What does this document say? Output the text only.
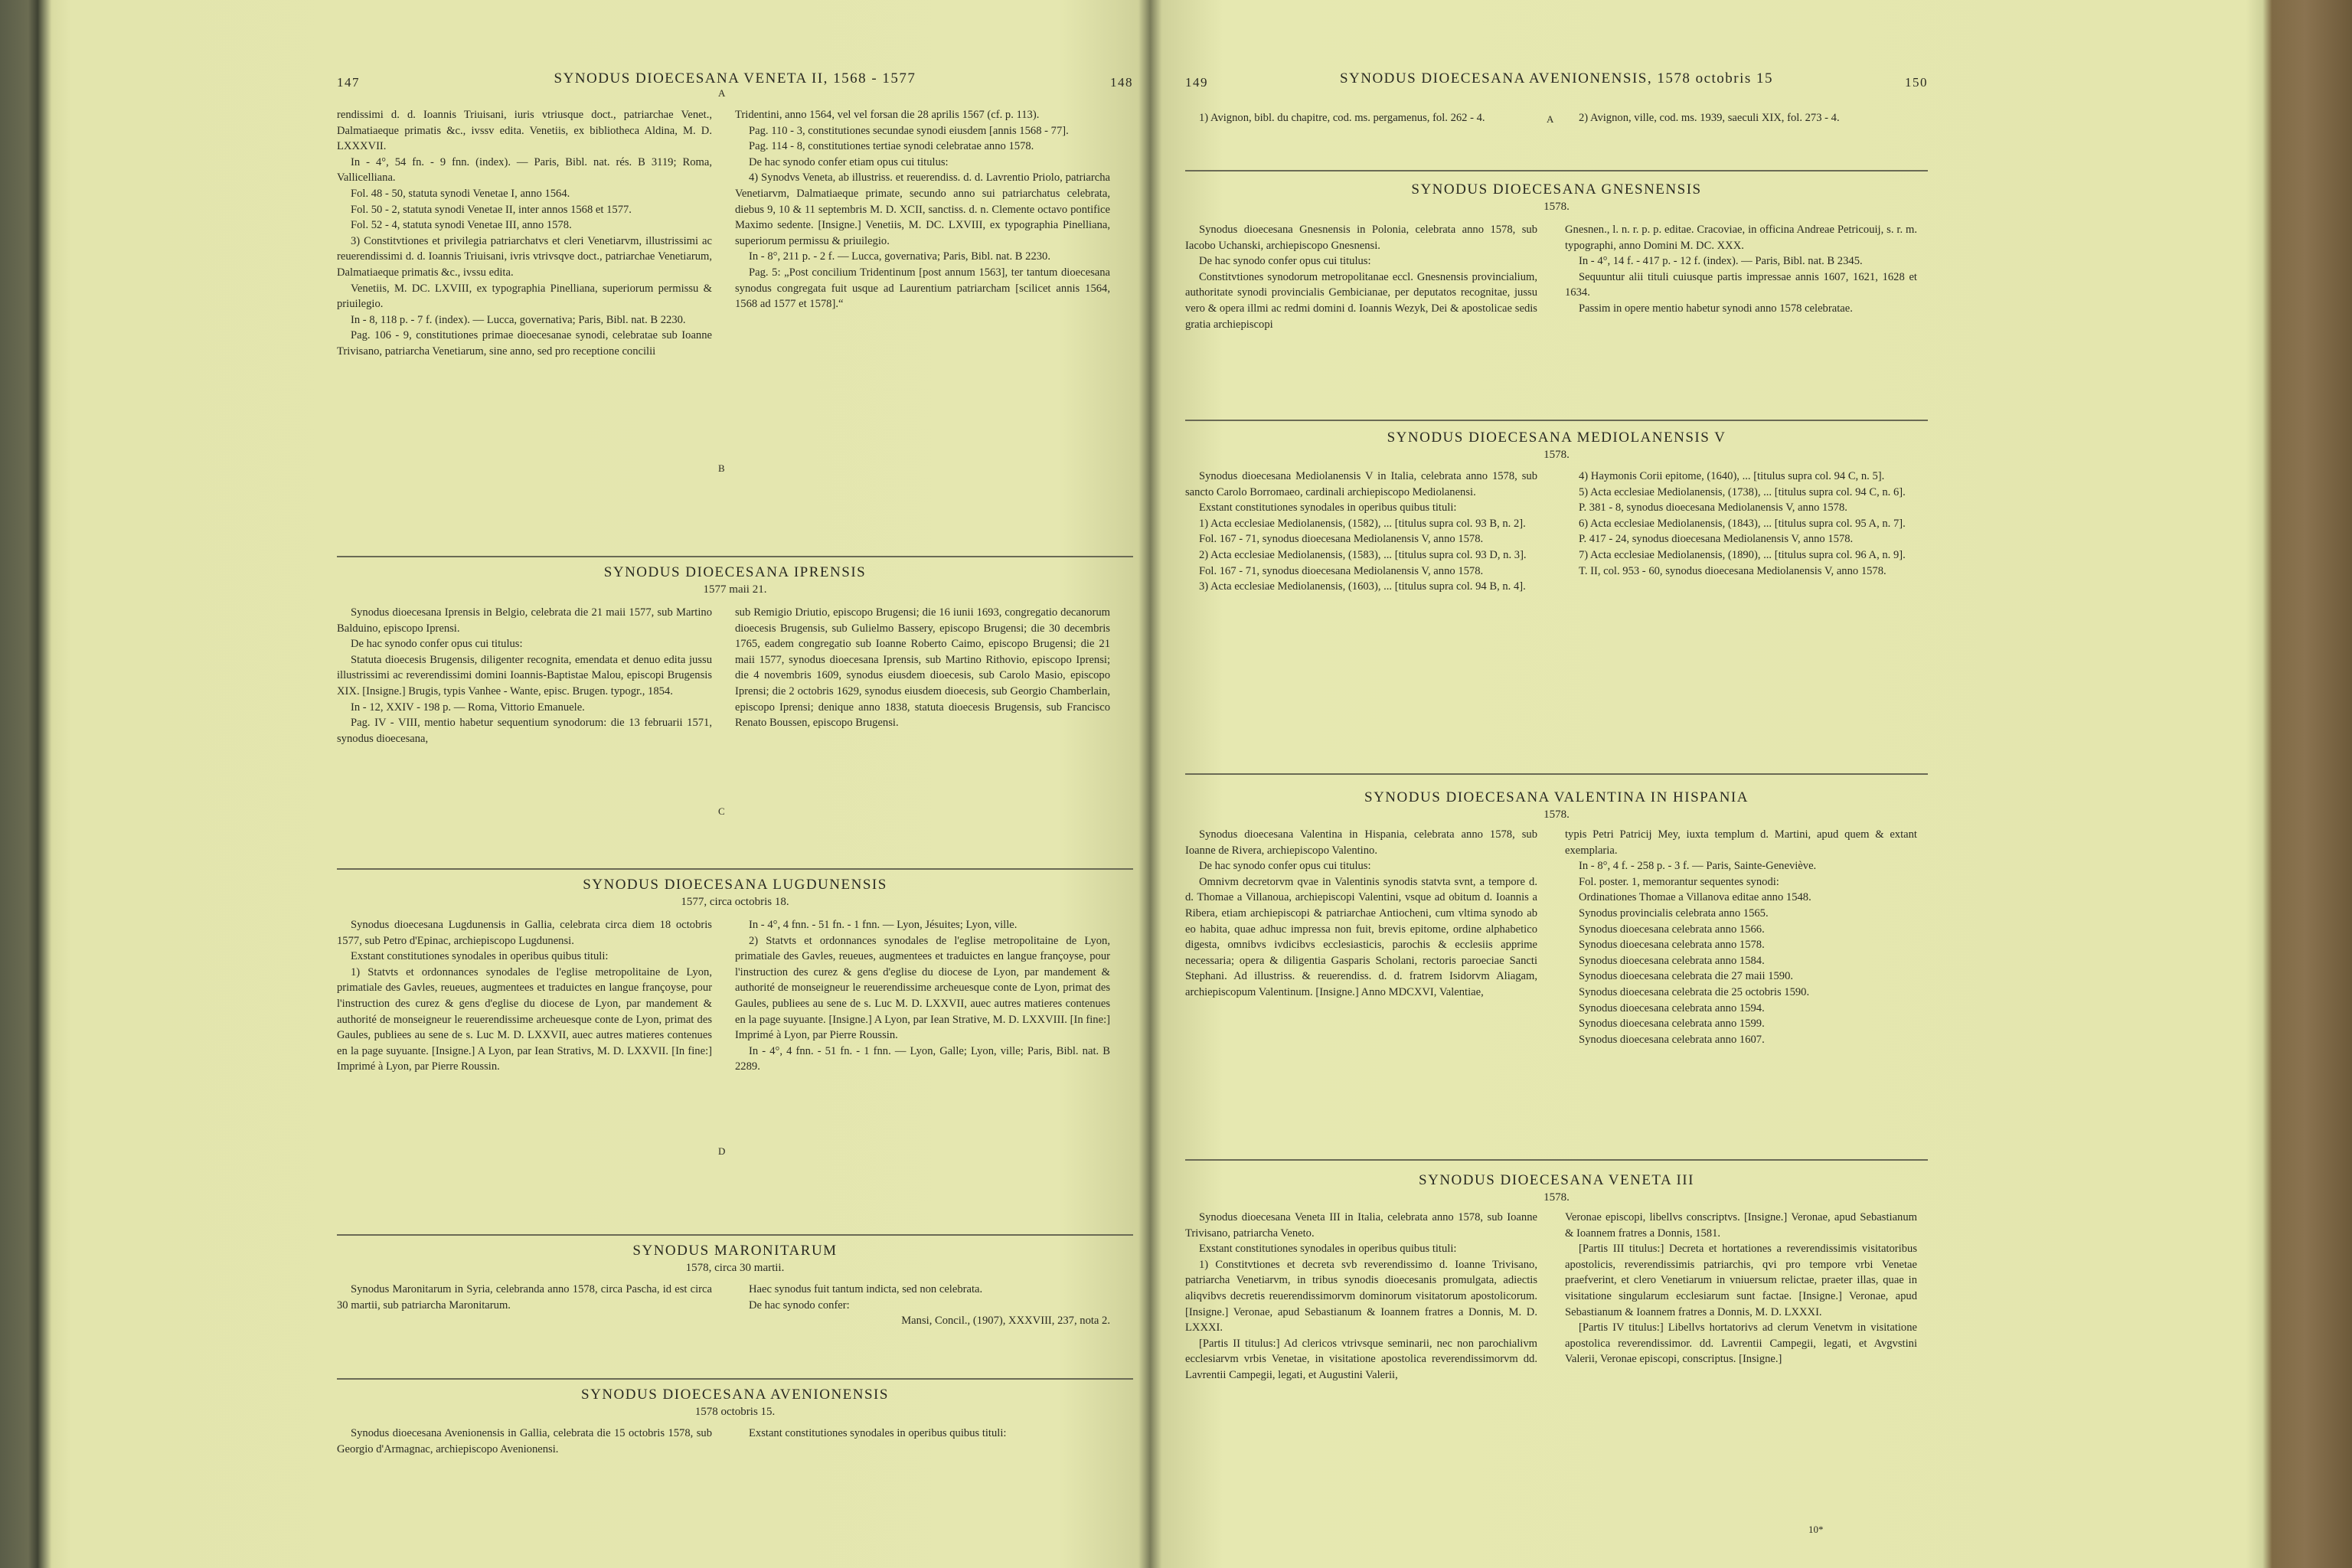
147	SYNODUS DIOECESANA VENETA II, 1568 - 1577	148

rendissimi d. d. Ioannis Triuisani, iuris vtriusque doct., patriarchae Venet., Dalmatiaeque primatis &c., ivssv edita. Venetiis, ex bibliotheca Aldina, M. D. LXXXVII.

In - 4°, 54 fn. - 9 fnn. (index). — Paris, Bibl. nat. rés. B 3119; Roma, Vallicelliana.

Fol. 48 - 50, statuta synodi Venetae I, anno 1564.

Fol. 50 - 2, statuta synodi Venetae II, inter annos 1568 et 1577.

Fol. 52 - 4, statuta synodi Venetae III, anno 1578.

3) Constitvtiones et privilegia patriarchatvs et cleri Venetiarvm, illustrissimi ac reuerendissimi d. d. Ioannis Triuisani, ivris vtrivsqve doct., patriarchae Venetiarum, Dalmatiaeque primatis &c., ivssu edita.

Venetiis, M. DC. LXVIII, ex typographia Pinelliana, superiorum permissu & priuilegio.

In - 8, 118 p. - 7 f. (index). — Lucca, governativa; Paris, Bibl. nat. B 2230.

Pag. 106 - 9, constitutiones primae dioecesanae synodi, celebratae sub Ioanne Trivisano, patriarcha Venetiarum, sine anno, sed pro receptione concilii

Tridentini, anno 1564, vel vel forsan die 28 aprilis 1567 (cf. p. 113).

Pag. 110 - 3, constitutiones secundae synodi eiusdem [annis 1568 - 77].

Pag. 114 - 8, constitutiones tertiae synodi celebratae anno 1578.

De hac synodo confer etiam opus cui titulus:

4) Synodvs Veneta, ab illustriss. et reuerendiss. d. d. Lavrentio Priolo, patriarcha Venetiarvm, Dalmatiaeque primate, secundo anno sui patriarchatus celebrata, diebus 9, 10 & 11 septembris M. D. XCII, sanctiss. d. n. Clemente octavo pontifice Maximo sedente. [Insigne.] Venetiis, M. DC. LXVIII, ex typographia Pinelliana, superiorum permissu & priuilegio.

In - 8°, 211 p. - 2 f. — Lucca, governativa; Paris, Bibl. nat. B 2230.

Pag. 5: „Post concilium Tridentinum [post annum 1563], ter tantum dioecesana synodus congregata fuit usque ad Laurentium patriarcham [scilicet annis 1564, 1568 ad 1577 et 1578].“

A
B
C
D
SYNODUS DIOECESANA IPRENSIS
1577 maii 21.

Synodus dioecesana Iprensis in Belgio, celebrata die 21 maii 1577, sub Martino Balduino, episcopo Iprensi.

De hac synodo confer opus cui titulus:

Statuta dioecesis Brugensis, diligenter recognita, emendata et denuo edita jussu illustrissimi ac reverendissimi domini Ioannis-Baptistae Malou, episcopi Brugensis XIX. [Insigne.] Brugis, typis Vanhee - Wante, episc. Brugen. typogr., 1854.

In - 12, XXIV - 198 p. — Roma, Vittorio Emanuele.

Pag. IV - VIII, mentio habetur sequentium synodorum: die 13 februarii 1571, synodus dioecesana,

sub Remigio Driutio, episcopo Brugensi; die 16 iunii 1693, congregatio decanorum dioecesis Brugensis, sub Gulielmo Bassery, episcopo Brugensi; die 30 decembris 1765, eadem congregatio sub Ioanne Roberto Caimo, episcopo Brugensi; die 21 maii 1577, synodus dioecesana Iprensis, sub Martino Rithovio, episcopo Iprensi; die 4 novembris 1609, synodus eiusdem dioecesis, sub Carolo Masio, episcopo Iprensi; die 2 octobris 1629, synodus eiusdem dioecesis, sub Georgio Chamberlain, episcopo Iprensi; denique anno 1838, statuta dioecesis Brugensis, sub Francisco Renato Boussen, episcopo Brugensi.

SYNODUS DIOECESANA LUGDUNENSIS
1577, circa octobris 18.

Synodus dioecesana Lugdunensis in Gallia, celebrata circa diem 18 octobris 1577, sub Petro d'Epinac, archiepiscopo Lugdunensi.

Exstant constitutiones synodales in operibus quibus tituli:

1) Statvts et ordonnances synodales de l'eglise metropolitaine de Lyon, primatiale des Gavles, reueues, augmentees et traduictes en langue françoyse, pour l'instruction des curez & gens d'eglise du diocese de Lyon, par mandement & authorité de monseigneur le reuerendissime archeuesque conte de Lyon, primat des Gaules, publiees au sene de s. Luc M. D. LXXVII, auec autres matieres contenues en la page suyuante. [Insigne.] A Lyon, par Iean Strativs, M. D. LXXVII. [In fine:] Imprimé à Lyon, par Pierre Roussin.

In - 4°, 4 fnn. - 51 fn. - 1 fnn. — Lyon, Jésuites; Lyon, ville.

2) Statvts et ordonnances synodales de l'eglise metropolitaine de Lyon, primatiale des Gavles, reueues, augmentees et traduictes en langue françoyse, pour l'instruction des curez & gens d'eglise du diocese de Lyon, par mandement & authorité de monseigneur le reuerendissime archeuesque conte de Lyon, primat des Gaules, publiees au sene de s. Luc M. D. LXXVII, auec autres matieres contenues en la page suyuante. [Insigne.] A Lyon, par Iean Strative, M. D. LXXVIII. [In fine:] Imprimé à Lyon, par Pierre Roussin.

In - 4°, 4 fnn. - 51 fn. - 1 fnn. — Lyon, Galle; Lyon, ville; Paris, Bibl. nat. B 2289.

SYNODUS MARONITARUM
1578, circa 30 martii.

Synodus Maronitarum in Syria, celebranda anno 1578, circa Pascha, id est circa 30 martii, sub patriarcha Maronitarum.

Haec synodus fuit tantum indicta, sed non celebrata.

De hac synodo confer:

Mansi, Concil., (1907), XXXVIII, 237, nota 2.

SYNODUS DIOECESANA AVENIONENSIS
1578 octobris 15.

Synodus dioecesana Avenionensis in Gallia, celebrata die 15 octobris 1578, sub Georgio d'Armagnac, archiepiscopo Avenionensi.

Exstant constitutiones synodales in operibus quibus tituli:

149	SYNODUS DIOECESANA AVENIONENSIS, 1578 octobris 15	150

1) Avignon, bibl. du chapitre, cod. ms. pergamenus, fol. 262 - 4.	2) Avignon, ville, cod. ms. 1939, saeculi XIX, fol. 273 - 4.

A
SYNODUS DIOECESANA GNESNENSIS
1578.

Synodus dioecesana Gnesnensis in Polonia, celebrata anno 1578, sub Iacobo Uchanski, archiepiscopo Gnesnensi.

De hac synodo confer opus cui titulus:

Constitvtiones synodorum metropolitanae eccl. Gnesnensis provincialium, authoritate synodi provincialis Gembicianae, per deputatos recognitae, jussu vero & opera illmi ac redmi domini d. Ioannis Wezyk, Dei & apostolicae sedis gratia archiepiscopi

Gnesnen., l. n. r. p. p. editae. Cracoviae, in officina Andreae Petricouij, s. r. m. typographi, anno Domini M. DC. XXX.

In - 4°, 14 f. - 417 p. - 12 f. (index). — Paris, Bibl. nat. B 2345.

Sequuntur alii tituli cuiusque partis impressae annis 1607, 1621, 1628 et 1634.

Passim in opere mentio habetur synodi anno 1578 celebratae.

SYNODUS DIOECESANA MEDIOLANENSIS V
1578.

Synodus dioecesana Mediolanensis V in Italia, celebrata anno 1578, sub sancto Carolo Borromaeo, cardinali archiepiscopo Mediolanensi.

Exstant constitutiones synodales in operibus quibus tituli:

1) Acta ecclesiae Mediolanensis, (1582), ... [titulus supra col. 93 B, n. 2].

Fol. 167 - 71, synodus dioecesana Mediolanensis V, anno 1578.

2) Acta ecclesiae Mediolanensis, (1583), ... [titulus supra col. 93 D, n. 3].

Fol. 167 - 71, synodus dioecesana Mediolanensis V, anno 1578.

3) Acta ecclesiae Mediolanensis, (1603), ... [titulus supra col. 94 B, n. 4].

4) Haymonis Corii epitome, (1640), ... [titulus supra col. 94 C, n. 5].

5) Acta ecclesiae Mediolanensis, (1738), ... [titulus supra col. 94 C, n. 6].

P. 381 - 8, synodus dioecesana Mediolanensis V, anno 1578.

6) Acta ecclesiae Mediolanensis, (1843), ... [titulus supra col. 95 A, n. 7].

P. 417 - 24, synodus dioecesana Mediolanensis V, anno 1578.

7) Acta ecclesiae Mediolanensis, (1890), ... [titulus supra col. 96 A, n. 9].

T. II, col. 953 - 60, synodus dioecesana Mediolanensis V, anno 1578.

SYNODUS DIOECESANA VALENTINA IN HISPANIA
1578.

Synodus dioecesana Valentina in Hispania, celebrata anno 1578, sub Ioanne de Rivera, archiepiscopo Valentino.

De hac synodo confer opus cui titulus:

Omnivm decretorvm qvae in Valentinis synodis statvta svnt, a tempore d. d. Thomae a Villanoua, archiepiscopi Valentini, vsque ad obitum d. Ioannis a Ribera, etiam archiepiscopi & patriarchae Antiocheni, cum vltima synodo ab eo habita, quae adhuc impressa non fuit, brevis epitome, ordine alphabetico digesta, omnibvs ivdicibvs ecclesiasticis, parochis & ecclesiis apprime necessaria; opera & diligentia Gasparis Scholani, rectoris paroeciae Sancti Stephani. Ad illustriss. & reuerendiss. d. d. fratrem Isidorvm Aliagam, archiepiscopum Valentinum. [Insigne.] Anno MDCXVI, Valentiae,

typis Petri Patricij Mey, iuxta templum d. Martini, apud quem & extant exemplaria.

In - 8°, 4 f. - 258 p. - 3 f. — Paris, Sainte-Geneviève.

Fol. poster. 1, memorantur sequentes synodi:

Ordinationes Thomae a Villanova editae anno 1548.

Synodus provincialis celebrata anno 1565.

Synodus dioecesana celebrata anno 1566.

Synodus dioecesana celebrata anno 1578.

Synodus dioecesana celebrata anno 1584.

Synodus dioecesana celebrata die 27 maii 1590.

Synodus dioecesana celebrata die 25 octobris 1590.

Synodus dioecesana celebrata anno 1594.

Synodus dioecesana celebrata anno 1599.

Synodus dioecesana celebrata anno 1607.

SYNODUS DIOECESANA VENETA III
1578.

Synodus dioecesana Veneta III in Italia, celebrata anno 1578, sub Ioanne Trivisano, patriarcha Veneto.

Exstant constitutiones synodales in operibus quibus tituli:

1) Constitvtiones et decreta svb reverendissimo d. Ioanne Trivisano, patriarcha Venetiarvm, in tribus synodis dioecesanis promulgata, adiectis aliqvibvs decretis reuerendissimorvm dominorum visitatorum apostolicorum. [Insigne.] Veronae, apud Sebastianum & Ioannem fratres a Donnis, M. D. LXXXI.

[Partis II titulus:] Ad clericos vtrivsque seminarii, nec non parochialivm ecclesiarvm vrbis Venetae, in visitatione apostolica reverendissimorvm dd. Lavrentii Campegii, legati, et Augustini Valerii,

Veronae episcopi, libellvs conscriptvs. [Insigne.] Veronae, apud Sebastianum & Ioannem fratres a Donnis, 1581.

[Partis III titulus:] Decreta et hortationes a reverendissimis visitatoribus apostolicis, reverendissimis patriarchis, qvi pro tempore vrbi Venetae praefverint, et clero Venetiarum in vniuersum relictae, praeter illas, quae in visitatione singularum ecclesiarum sunt factae. [Insigne.] Veronae, apud Sebastianum & Ioannem fratres a Donnis, M. D. LXXXI.

[Partis IV titulus:] Libellvs hortatorivs ad clerum Venetvm in visitatione apostolica reverendissimor. dd. Lavrentii Campegii, legati, et Avgvstini Valerii, Veronae episcopi, conscriptus. [Insigne.]

10*
